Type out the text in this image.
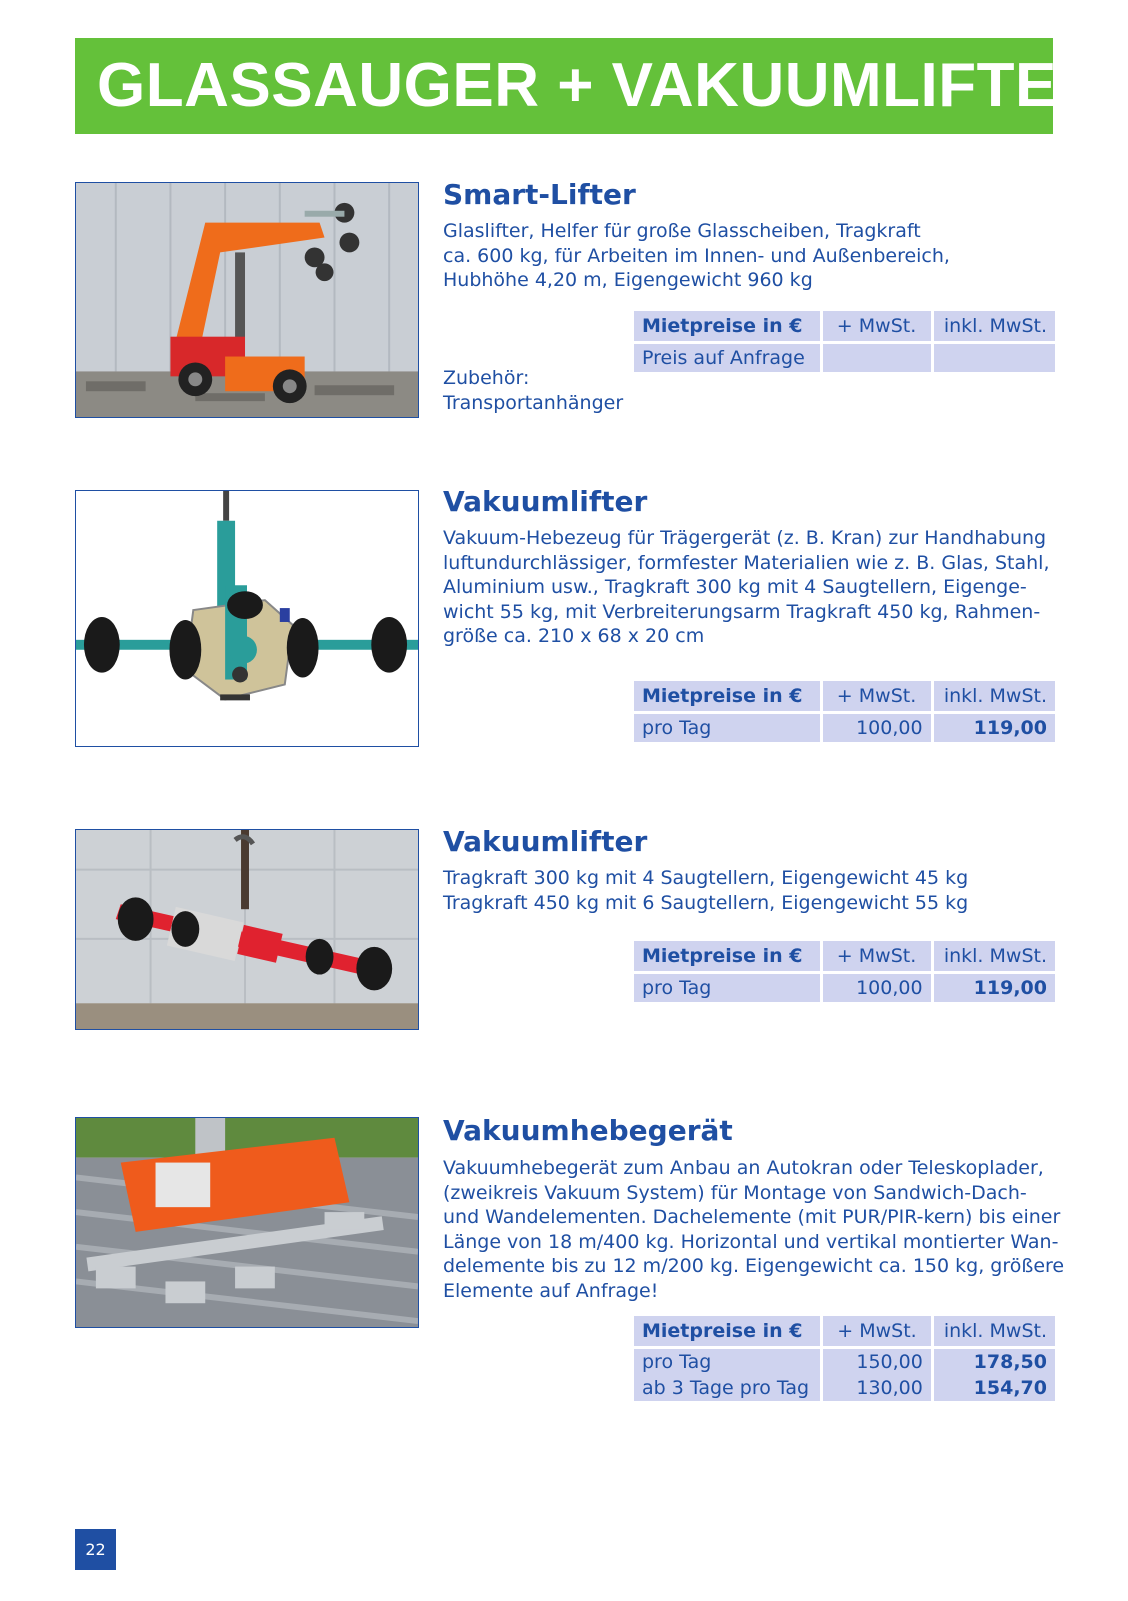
GLASSAUGER + VAKUUMLIFTER
Smart-Lifter

Glaslifter, Helfer für große Glasscheiben, Tragkraft
ca. 600 kg, für Arbeiten im Innen- und Außenbereich,
Hubhöhe 4,20 m, Eigengewicht 960 kg

Mietpreise in €	+ MwSt.	inkl. MwSt.
Preis auf Anfrage		

Zubehör:
Transportanhänger

Vakuumlifter

Vakuum-Hebezeug für Trägergerät (z. B. Kran) zur Handhabung
luftundurchlässiger, formfester Materialien wie z. B. Glas, Stahl,
Aluminium usw., Tragkraft 300 kg mit 4 Saugtellern, Eigenge-
wicht 55 kg, mit Verbreiterungsarm Tragkraft 450 kg, Rahmen-
größe ca. 210 x 68 x 20 cm

Mietpreise in €	+ MwSt.	inkl. MwSt.
pro Tag	100,00	119,00
Vakuumlifter

Tragkraft 300 kg mit 4 Saugtellern, Eigengewicht 45 kg
Tragkraft 450 kg mit 6 Saugtellern, Eigengewicht 55 kg

Mietpreise in €	+ MwSt.	inkl. MwSt.
pro Tag	100,00	119,00
Vakuumhebegerät

Vakuumhebegerät zum Anbau an Autokran oder Teleskoplader,
(zweikreis Vakuum System) für Montage von Sandwich-Dach-
und Wandelementen. Dachelemente (mit PUR/PIR-kern) bis einer
Länge von 18 m/400 kg. Horizontal und vertikal montierter Wan-
delemente bis zu 12 m/200 kg. Eigengewicht ca. 150 kg, größere
Elemente auf Anfrage!

Mietpreise in €	+ MwSt.	inkl. MwSt.
pro Tag	150,00	178,50
ab 3 Tage pro Tag	130,00	154,70
22
